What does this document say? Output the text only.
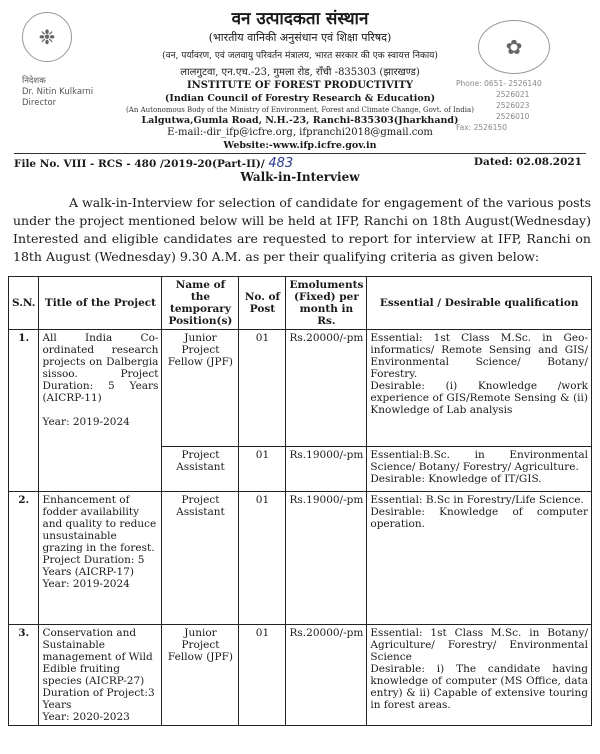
❉	✿
वन उत्पादकता संस्थान
(भारतीय वानिकी अनुसंधान एवं शिक्षा परिषद)
(वन, पर्यावरण, एवं जलवायु परिवर्तन मंत्रालय, भारत सरकार की एक स्वायत्त निकाय)
लालगुटवा, एन.एच.-23, गुमला रोड, राँची -835303 (झारखण्ड)
INSTITUTE OF FOREST PRODUCTIVITY
(Indian Council of Forestry Research & Education)
(An Autonomous Body of the Ministry of Environment, Forest and Climate Change, Govt. of India)
Lalgutwa,Gumla Road, N.H.-23, Ranchi-835303(Jharkhand)
E-mail:-dir_ifp@icfre.org, ifpranchi2018@gmail.com
Website:-www.ifp.icfre.gov.in
निदेशक
Dr. Nitin Kulkarni
Director
Phone: 0651- 2526140
2526021
2526023
2526010
Fax: 2526150
File No. VIII - RCS - 480 /2019-20(Part-II)/ 483	Dated: 02.08.2021
Walk-in-Interview
A walk-in-Interview for selection of candidate for engagement of the various posts under the project mentioned below will be held at IFP, Ranchi on 18th August(Wednesday) Interested and eligible candidates are requested to report for interview at IFP, Ranchi on 18th August (Wednesday) 9.30 A.M. as per their qualifying criteria as given below:
S.N.	Title of the Project	Name of the temporary Position(s)	No. of Post	Emoluments (Fixed) per month in Rs.	Essential / Desirable qualification
1.	All India Co-ordinated research projects on Dalbergia sissoo. Project Duration: 5 Years (AICRP-11)
Year: 2019-2024	Junior Project Fellow (JPF)	01	Rs.20000/-pm	Essential: 1st Class M.Sc. in Geo-informatics/ Remote Sensing and GIS/ Environmental Science/ Botany/ Forestry.
Desirable: (i) Knowledge /work experience of GIS/Remote Sensing & (ii) Knowledge of Lab analysis

		Project Assistant	01	Rs.19000/-pm	Essential:B.Sc. in Environmental Science/ Botany/ Forestry/ Agriculture.
Desirable: Knowledge of IT/GIS.

2.	Enhancement of fodder availability and quality to reduce unsustainable grazing in the forest. Project Duration: 5 Years (AICRP-17)
Year: 2019-2024	Project Assistant	01	Rs.19000/-pm	Essential: B.Sc in Forestry/Life Science.
Desirable: Knowledge of computer operation.

3.	Conservation and Sustainable management of Wild Edible fruiting species (AICRP-27) Duration of Project:3 Years
Year: 2020-2023	Junior Project Fellow (JPF)	01	Rs.20000/-pm	Essential: 1st Class M.Sc. in Botany/ Agriculture/ Forestry/ Environmental Science
Desirable: i) The candidate having knowledge of computer (MS Office, data entry) & ii) Capable of extensive touring in forest areas.
